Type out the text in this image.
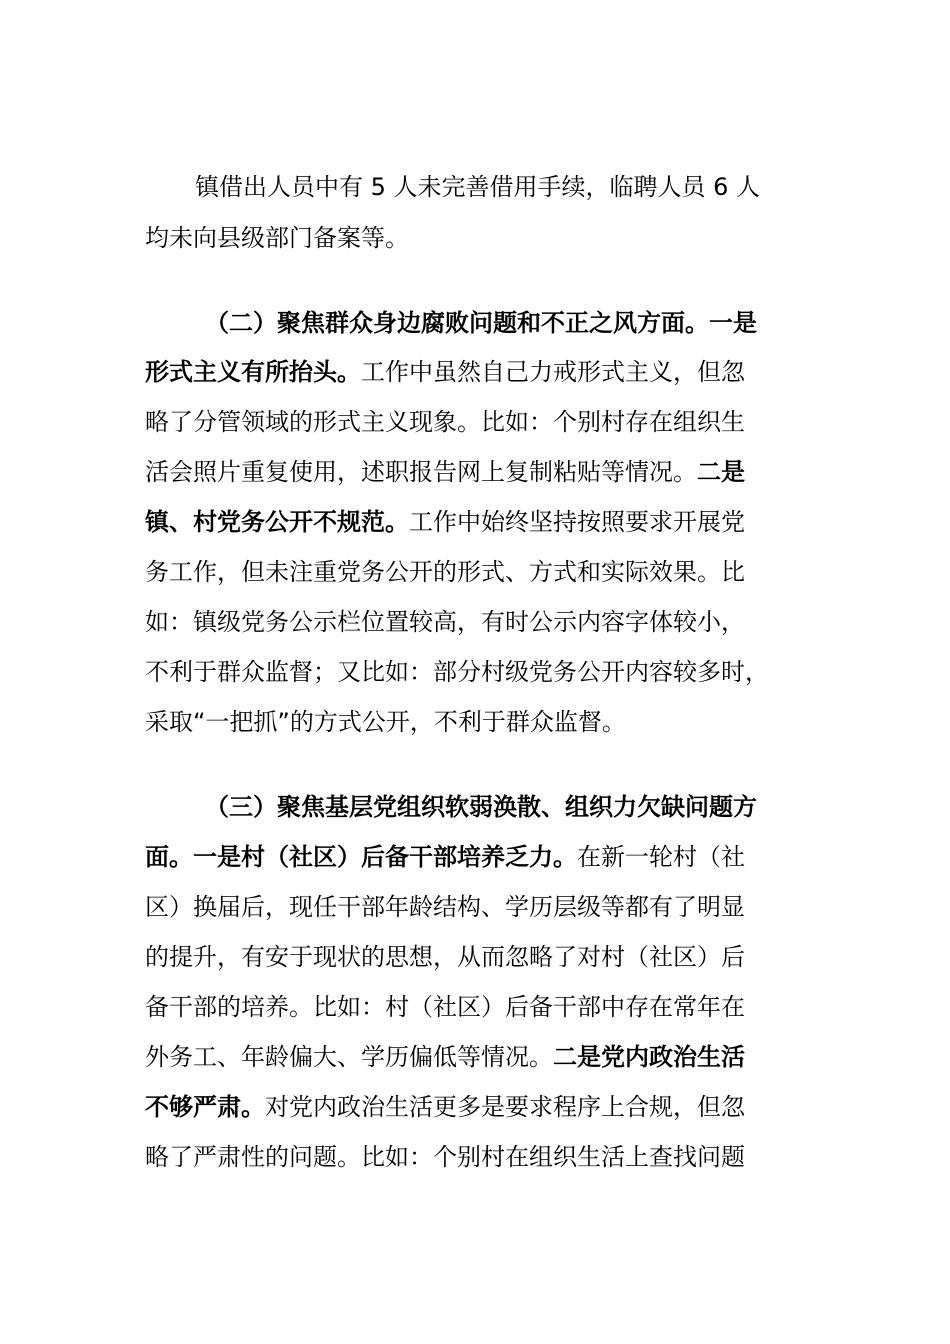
镇借出人员中有 5 人未完善借用手续，临聘人员 6 人
均未向县级部门备案等。
（二）聚焦群众身边腐败问题和不正之风方面。一是
形式主义有所抬头。工作中虽然自己力戒形式主义，但忽
略了分管领域的形式主义现象。比如：个别村存在组织生
活会照片重复使用，述职报告网上复制粘贴等情况。二是
镇、村党务公开不规范。工作中始终坚持按照要求开展党
务工作，但未注重党务公开的形式、方式和实际效果。比
如：镇级党务公示栏位置较高，有时公示内容字体较小，
不利于群众监督；又比如：部分村级党务公开内容较多时，
采取“一把抓”的方式公开，不利于群众监督。
（三）聚焦基层党组织软弱涣散、组织力欠缺问题方
面。一是村（社区）后备干部培养乏力。在新一轮村（社
区）换届后，现任干部年龄结构、学历层级等都有了明显
的提升，有安于现状的思想，从而忽略了对村（社区）后
备干部的培养。比如：村（社区）后备干部中存在常年在
外务工、年龄偏大、学历偏低等情况。二是党内政治生活
不够严肃。对党内政治生活更多是要求程序上合规，但忽
略了严肃性的问题。比如：个别村在组织生活上查找问题
